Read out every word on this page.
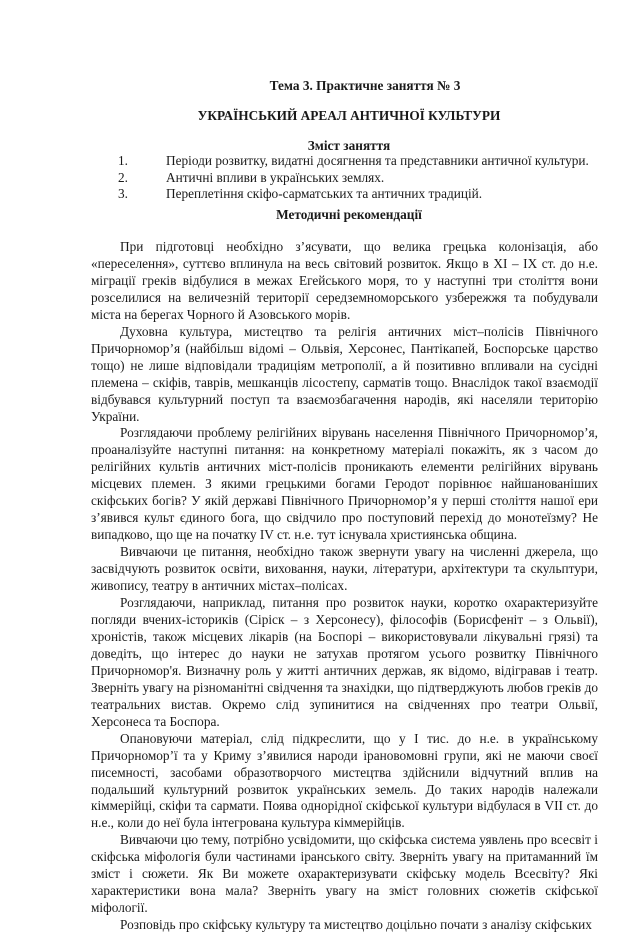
Тема 3. Практичне заняття № 3
УКРАЇНСЬКИЙ АРЕАЛ АНТИЧНОЇ КУЛЬТУРИ
Зміст заняття
1.	Періоди розвитку, видатні досягнення та представники античної культури.
2.	Античні впливи в українських землях.
3.	Переплетіння скіфо-сарматських та античних традицій.
Методичні рекомендації

При підготовці необхідно з’ясувати, що велика грецька колонізація, або «переселення», суттєво вплинула на весь світовий розвиток. Якщо в XI – IX ст. до н.е. міграції греків відбулися в межах Егейського моря, то у наступні три століття вони розселилися на величезній території середземноморського узбережжя та побудували міста на берегах Чорного й Азовського морів.

Духовна культура, мистецтво та релігія античних міст–полісів Північного Причорномор’я (найбільш відомі – Ольвія, Херсонес, Пантікапей, Боспорське царство тощо) не лише відповідали традиціям метрополії, а й позитивно впливали на сусідні племена – скіфів, таврів, мешканців лісостепу, сарматів тощо. Внаслідок такої взаємодії відбувався культурний поступ та взаємозбагачення народів, які населяли територію України.

Розглядаючи проблему релігійних вірувань населення Північного Причорномор’я, проаналізуйте наступні питання: на конкретному матеріалі покажіть, як з часом до релігійних культів античних міст-полісів проникають елементи релігійних вірувань місцевих племен. З якими грецькими богами Геродот порівнює найшанованіших скіфських богів? У якій державі Північного Причорномор’я у перші століття нашої ери з’явився культ єдиного бога, що свідчило про поступовий перехід до монотеїзму? Не випадково, що ще на початку IV ст. н.е. тут існувала християнська община.

Вивчаючи це питання, необхідно також звернути увагу на численні джерела, що засвідчують розвиток освіти, виховання, науки, літератури, архітектури та скульптури, живопису, театру в античних містах–полісах.

Розглядаючи, наприклад, питання про розвиток науки, коротко охарактеризуйте погляди вчених-істориків (Сіріск – з Херсонесу), філософів (Борисфеніт – з Ольвії), хроністів, також місцевих лікарів (на Боспорі – використовували лікувальні грязі) та доведіть, що інтерес до науки не затухав протягом усього розвитку Північного Причорномор'я. Визначну роль у житті античних держав, як відомо, відігравав і театр. Зверніть увагу на різноманітні свідчення та знахідки, що підтверджують любов греків до театральних вистав. Окремо слід зупинитися на свідченнях про театри Ольвії, Херсонеса та Боспора.

Опановуючи матеріал, слід підкреслити, що у І тис. до н.е. в українському Причорномор’ї та у Криму з’явилися народи ірановомовні групи, які не маючи своєї писемності, засобами образотворчого мистецтва здійснили відчутний вплив на подальший культурний розвиток українських земель. До таких народів належали кіммерійці, скіфи та сармати. Поява однорідної скіфської культури відбулася в VII ст. до н.е., коли до неї була інтегрована культура кіммерійців.

Вивчаючи цю тему, потрібно усвідомити, що скіфська система уявлень про всесвіт і скіфська міфологія були частинами іранського світу. Зверніть увагу на притаманний їм зміст і сюжети. Як Ви можете охарактеризувати скіфську модель Всесвіту? Які характеристики вона мала? Зверніть увагу на зміст головних сюжетів скіфської міфології.

Розповідь про скіфську культуру та мистецтво доцільно почати з аналізу скіфських
